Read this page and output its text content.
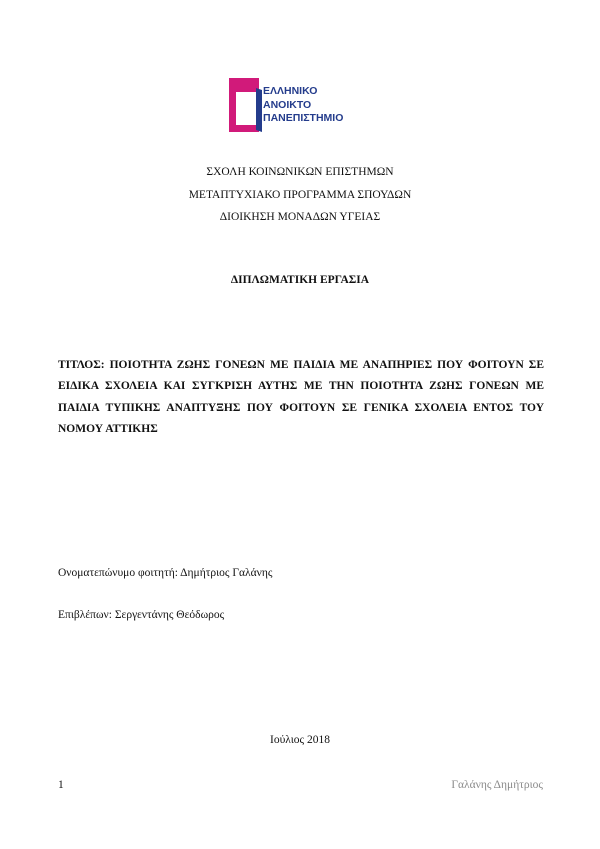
ΕΛΛΗΝΙΚΟ
ΑΝΟΙΚΤΟ
ΠΑΝΕΠΙΣΤΗΜΙΟ
ΣΧΟΛΗ ΚΟΙΝΩΝΙΚΩΝ ΕΠΙΣΤΗΜΩΝ
ΜΕΤΑΠΤΥΧΙΑΚΟ ΠΡΟΓΡΑΜΜΑ ΣΠΟΥΔΩΝ
ΔΙΟΙΚΗΣΗ ΜΟΝΑΔΩΝ ΥΓΕΙΑΣ
ΔΙΠΛΩΜΑΤΙΚΗ ΕΡΓΑΣΙΑ
ΤΙΤΛΟΣ: ΠΟΙΟΤΗΤΑ ΖΩΗΣ ΓΟΝΕΩΝ ΜΕ ΠΑΙΔΙΑ ΜΕ ΑΝΑΠΗΡΙΕΣ ΠΟΥ ΦΟΙΤΟΥΝ ΣΕ ΕΙΔΙΚΑ ΣΧΟΛΕΙΑ ΚΑΙ ΣΥΓΚΡΙΣΗ ΑΥΤΗΣ ΜΕ ΤΗΝ ΠΟΙΟΤΗΤΑ ΖΩΗΣ ΓΟΝΕΩΝ ΜΕ ΠΑΙΔΙΑ ΤΥΠΙΚΗΣ ΑΝΑΠΤΥΞΗΣ ΠΟΥ ΦΟΙΤΟΥΝ ΣΕ ΓΕΝΙΚΑ ΣΧΟΛΕΙΑ ΕΝΤΟΣ ΤΟΥ ΝΟΜΟΥ ΑΤΤΙΚΗΣ
Ονοματεπώνυμο φοιτητή: Δημήτριος Γαλάνης
Επιβλέπων: Σεργεντάνης Θεόδωρος
Ιούλιος 2018
1	Γαλάνης Δημήτριος
